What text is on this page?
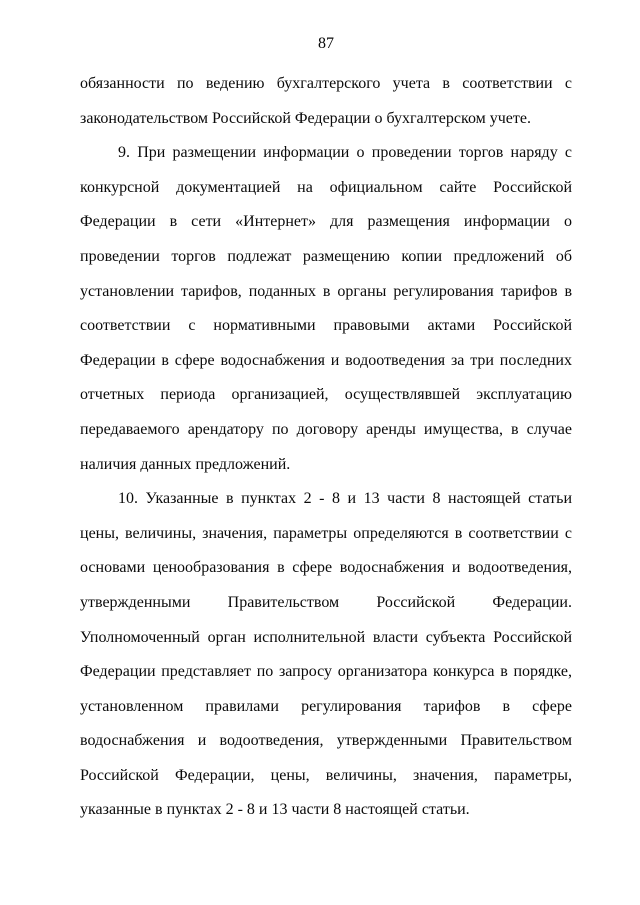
87

обязанности по ведению бухгалтерского учета в соответствии с законодательством Российской Федерации о бухгалтерском учете.

9. При размещении информации о проведении торгов наряду с конкурсной документацией на официальном сайте Российской Федерации в сети «Интернет» для размещения информации о проведении торгов подлежат размещению копии предложений об установлении тарифов, поданных в органы регулирования тарифов в соответствии с нормативными правовыми актами Российской Федерации в сфере водоснабжения и водоотведения за три последних отчетных периода организацией, осуществлявшей эксплуатацию передаваемого арендатору по договору аренды имущества, в случае наличия данных предложений.

10. Указанные в пунктах 2 - 8 и 13 части 8 настоящей статьи цены, величины, значения, параметры определяются в соответствии с основами ценообразования в сфере водоснабжения и водоотведения, утвержденными Правительством Российской Федерации. Уполномоченный орган исполнительной власти субъекта Российской Федерации представляет по запросу организатора конкурса в порядке, установленном правилами регулирования тарифов в сфере водоснабжения и водоотведения, утвержденными Правительством Российской Федерации, цены, величины, значения, параметры, указанные в пунктах 2 - 8 и 13 части 8 настоящей статьи.
